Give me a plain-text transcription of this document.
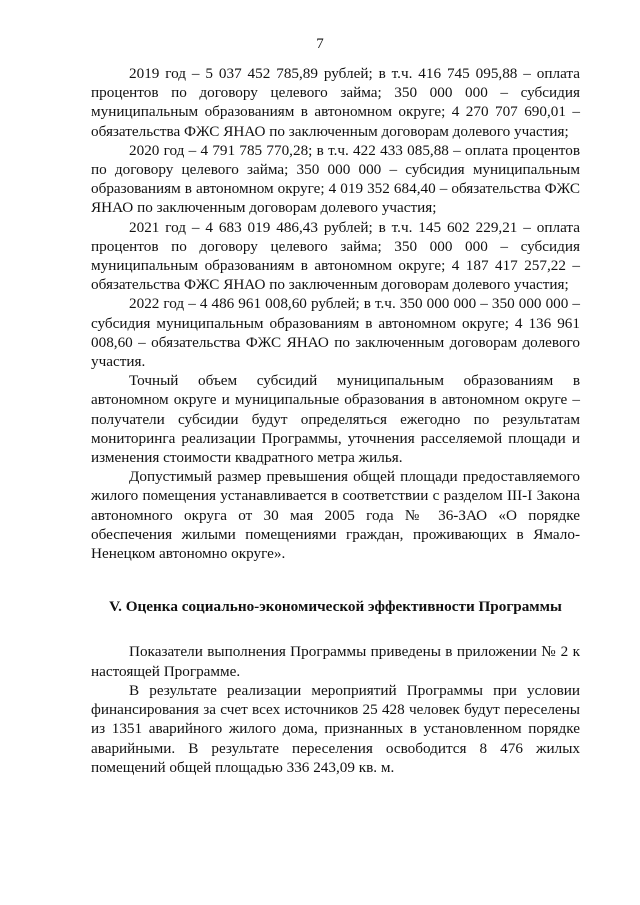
7

2019 год – 5 037 452 785,89 рублей; в т.ч. 416 745 095,88 – оплата процентов по договору целевого займа; 350 000 000 – субсидия муниципальным образованиям в автономном округе; 4 270 707 690,01 – обязательства ФЖС ЯНАО по заключенным договорам долевого участия;

2020 год – 4 791 785 770,28; в т.ч. 422 433 085,88 – оплата процентов по договору целевого займа; 350 000 000 – субсидия муниципальным образованиям в автономном округе; 4 019 352 684,40 – обязательства ФЖС ЯНАО по заключенным договорам долевого участия;

2021 год – 4 683 019 486,43 рублей; в т.ч. 145 602 229,21 – оплата процентов по договору целевого займа; 350 000 000 – субсидия муниципальным образованиям в автономном округе; 4 187 417 257,22 – обязательства ФЖС ЯНАО по заключенным договорам долевого участия;

2022 год – 4 486 961 008,60 рублей; в т.ч. 350 000 000 – 350 000 000 – субсидия муниципальным образованиям в автономном округе; 4 136 961 008,60 – обязательства ФЖС ЯНАО по заключенным договорам долевого участия.

Точный объем субсидий муниципальным образованиям в автономном округе и муниципальные образования в автономном округе – получатели субсидии будут определяться ежегодно по результатам мониторинга реализации Программы, уточнения расселяемой площади и изменения стоимости квадратного метра жилья.

Допустимый размер превышения общей площади предоставляемого жилого помещения устанавливается в соответствии с разделом III-I Закона автономного округа от 30 мая 2005 года № 36-ЗАО «О порядке обеспечения жилыми помещениями граждан, проживающих в Ямало-Ненецком автономно округе».

V. Оценка социально-экономической эффективности Программы

Показатели выполнения Программы приведены в приложении № 2 к настоящей Программе.

В результате реализации мероприятий Программы при условии финансирования за счет всех источников 25 428 человек будут переселены из 1351 аварийного жилого дома, признанных в установленном порядке аварийными. В результате переселения освободится 8 476 жилых помещений общей площадью 336 243,09 кв. м.
